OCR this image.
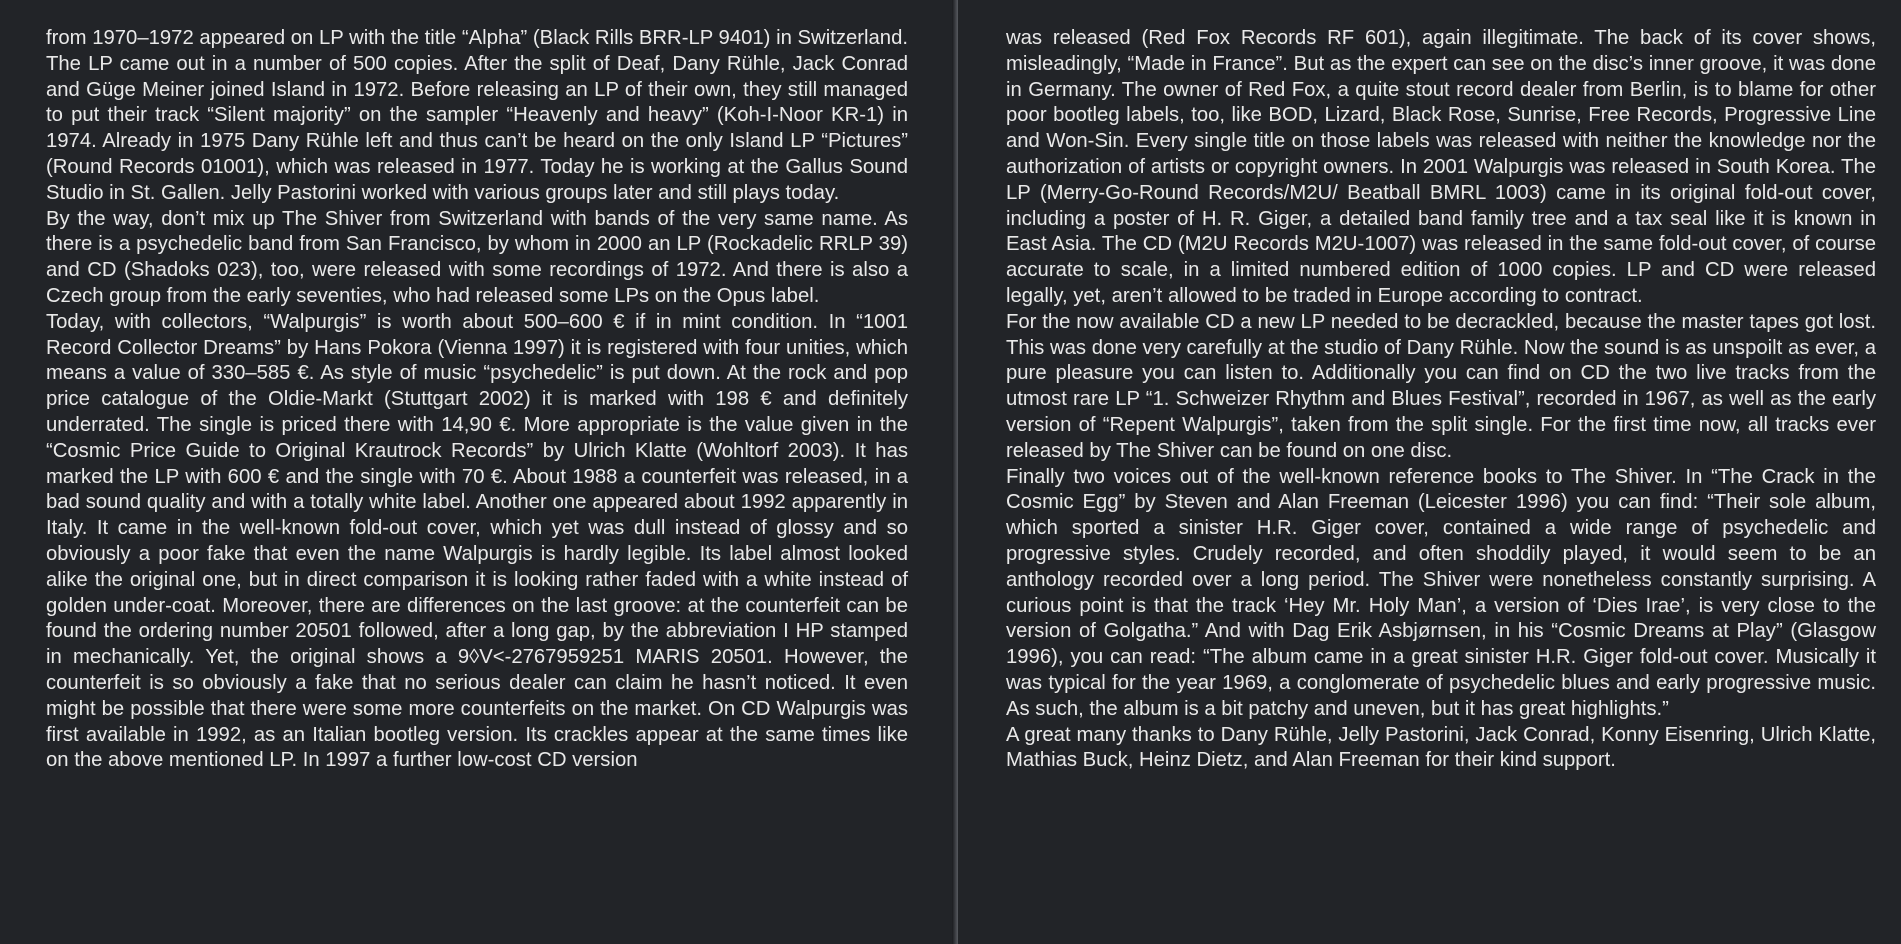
from 1970–1972 appeared on LP with the title “Alpha” (Black Rills BRR-LP 9401) in Switzerland. The LP came out in a number of 500 copies. After the split of Deaf, Dany Rühle, Jack Conrad and Güge Meiner joined Island in 1972. Before releasing an LP of their own, they still managed to put their track “Silent majority” on the sampler “Heavenly and heavy” (Koh-I-Noor KR-1) in 1974. Already in 1975 Dany Rühle left and thus can’t be heard on the only Island LP “Pictures” (Round Records 01001), which was released in 1977. Today he is working at the Gallus Sound Studio in St. Gallen. Jelly Pastorini worked with various groups later and still plays today.

By the way, don’t mix up The Shiver from Switzerland with bands of the very same name. As there is a psychedelic band from San Francisco, by whom in 2000 an LP (Rockadelic RRLP 39) and CD (Shadoks 023), too, were released with some recordings of 1972. And there is also a Czech group from the early seventies, who had released some LPs on the Opus label.

Today, with collectors, “Walpurgis” is worth about 500–600 € if in mint condition. In “1001 Record Collector Dreams” by Hans Pokora (Vienna 1997) it is registered with four unities, which means a value of 330–585 €. As style of music “psychedelic” is put down. At the rock and pop price catalogue of the Oldie-Markt (Stuttgart 2002) it is marked with 198 € and definitely underrated. The single is priced there with 14,90 €. More appropriate is the value given in the “Cosmic Price Guide to Original Krautrock Records” by Ulrich Klatte (Wohltorf 2003). It has marked the LP with 600 € and the single with 70 €. About 1988 a counterfeit was released, in a bad sound quality and with a totally white label. Another one appeared about 1992 apparently in Italy. It came in the well-known fold-out cover, which yet was dull instead of glossy and so obviously a poor fake that even the name Walpurgis is hardly legible. Its label almost looked alike the original one, but in direct comparison it is looking rather faded with a white instead of golden under-coat. Moreover, there are differences on the last groove: at the counterfeit can be found the ordering number 20501 followed, after a long gap, by the abbreviation I HP stamped in mechanically. Yet, the original shows a 9◊V<-2767959251 MARIS 20501. However, the counterfeit is so obviously a fake that no serious dealer can claim he hasn’t noticed. It even might be possible that there were some more counterfeits on the market. On CD Walpurgis was first available in 1992, as an Italian bootleg version. Its crackles appear at the same times like on the above mentioned LP. In 1997 a further low-cost CD version

was released (Red Fox Records RF 601), again illegitimate. The back of its cover shows, misleadingly, “Made in France”. But as the expert can see on the disc’s inner groove, it was done in Germany. The owner of Red Fox, a quite stout record dealer from Berlin, is to blame for other poor bootleg labels, too, like BOD, Lizard, Black Rose, Sunrise, Free Records, Progressive Line and Won-Sin. Every single title on those labels was released with neither the knowledge nor the authorization of artists or copyright owners. In 2001 Walpurgis was released in South Korea. The LP (Merry-Go-Round Records/M2U/ Beatball BMRL 1003) came in its original fold-out cover, including a poster of H. R. Giger, a detailed band family tree and a tax seal like it is known in East Asia. The CD (M2U Records M2U-1007) was released in the same fold-out cover, of course accurate to scale, in a limited numbered edition of 1000 copies. LP and CD were released legally, yet, aren’t allowed to be traded in Europe according to contract.

For the now available CD a new LP needed to be decrackled, because the master tapes got lost. This was done very carefully at the studio of Dany Rühle. Now the sound is as unspoilt as ever, a pure pleasure you can listen to. Additionally you can find on CD the two live tracks from the utmost rare LP “1. Schweizer Rhythm and Blues Festival”, recorded in 1967, as well as the early version of “Repent Walpurgis”, taken from the split single. For the first time now, all tracks ever released by The Shiver can be found on one disc.

Finally two voices out of the well-known reference books to The Shiver. In “The Crack in the Cosmic Egg” by Steven and Alan Freeman (Leicester 1996) you can find: “Their sole album, which sported a sinister H.R. Giger cover, contained a wide range of psychedelic and progressive styles. Crudely recorded, and often shoddily played, it would seem to be an anthology recorded over a long period. The Shiver were nonetheless constantly surprising. A curious point is that the track ‘Hey Mr. Holy Man’, a version of ‘Dies Irae’, is very close to the version of Golgatha.” And with Dag Erik Asbjørnsen, in his “Cosmic Dreams at Play” (Glasgow 1996), you can read: “The album came in a great sinister H.R. Giger fold-out cover. Musically it was typical for the year 1969, a conglomerate of psychedelic blues and early progressive music. As such, the album is a bit patchy and uneven, but it has great highlights.”

A great many thanks to Dany Rühle, Jelly Pastorini, Jack Conrad, Konny Eisenring, Ulrich Klatte, Mathias Buck, Heinz Dietz, and Alan Freeman for their kind support.
